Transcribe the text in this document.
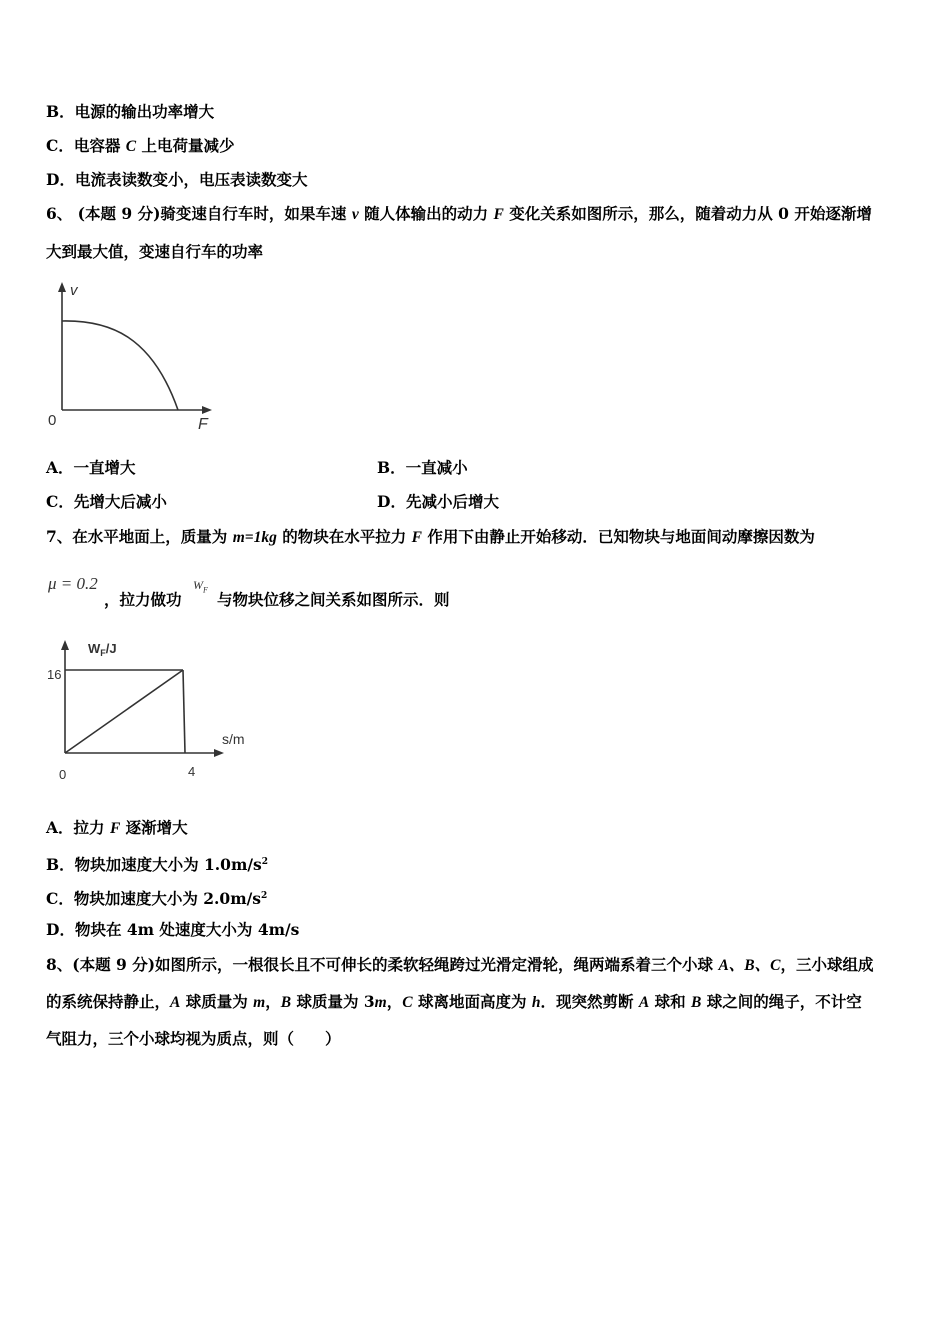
B．电源的输出功率增大
C．电容器 C 上电荷量减少
D．电流表读数变小，电压表读数变大
6、 (本题 9 分)骑变速自行车时，如果车速 v 随人体输出的动力 F 变化关系如图所示，那么，随着动力从 0 开始逐渐增
大到最大值，变速自行车的功率
v
F
0
A．一直增大	B．一直减小
C．先增大后减小	D．先减小后增大
7、在水平地面上，质量为 m=1kg 的物块在水平拉力 F 作用下由静止开始移动．已知物块与地面间动摩擦因数为
μ = 0.2	$W_F$
，拉力做功 与物块位移之间关系如图所示．则
$W_F/J$
s/m
16
4
0
A．拉力 F 逐渐增大
B．物块加速度大小为 $1.0m/s^2$
C．物块加速度大小为 $2.0m/s^2$
D．物块在 4m 处速度大小为 4m/s
8、(本题 9 分)如图所示，一根很长且不可伸长的柔软轻绳跨过光滑定滑轮，绳两端系着三个小球 A、B、C，三小球组成
的系统保持静止，A 球质量为 m，B 球质量为 3m，C 球离地面高度为 h．现突然剪断 A 球和 B 球之间的绳子，不计空
气阻力，三个小球均视为质点，则（　　）
